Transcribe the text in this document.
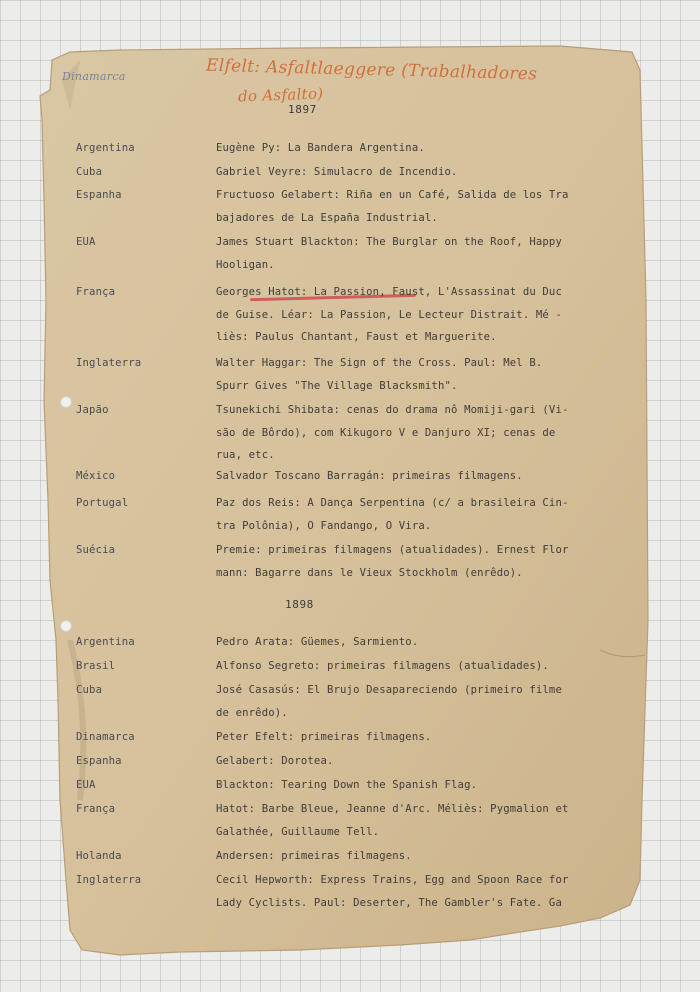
Dinamarca	Elfelt: Asfaltlaeggere (Trabalhadores
do Asfalto)
1897
Argentina	Eugène Py: La Bandera Argentina.
Cuba	Gabriel Veyre: Simulacro de Incendio.
Espanha	Fructuoso Gelabert: Riña en un Café, Salida de los Tra
bajadores de La España Industrial.
EUA	James Stuart Blackton: The Burglar on the Roof, Happy
Hooligan.
França	Georges Hatot: La Passion, Faust, L'Assassinat du Duc
de Guise. Léar: La Passion, Le Lecteur Distrait. Mé -
liès: Paulus Chantant, Faust et Marguerite.
Inglaterra	Walter Haggar: The Sign of the Cross. Paul: Mel B.
Spurr Gives "The Village Blacksmith".
Japão	Tsunekichi Shibata: cenas do drama nô Momiji-gari (Vi-
são de Bôrdo), com Kikugoro V e Danjuro XI; cenas de
rua, etc.
México	Salvador Toscano Barragán: primeiras filmagens.
Portugal	Paz dos Reis: A Dança Serpentina (c/ a brasileira Cin-
tra Polônia), O Fandango, O Vira.
Suécia	Premie: primeiras filmagens (atualidades). Ernest Flor
mann: Bagarre dans le Vieux Stockholm (enrêdo).
1898
Argentina	Pedro Arata: Güemes, Sarmiento.
Brasil	Alfonso Segreto: primeiras filmagens (atualidades).
Cuba	José Casasús: El Brujo Desapareciendo (primeiro filme
de enrêdo).
Dinamarca	Peter Efelt: primeiras filmagens.
Espanha	Gelabert: Dorotea.
EUA	Blackton: Tearing Down the Spanish Flag.
França	Hatot: Barbe Bleue, Jeanne d'Arc. Méliès: Pygmalion et
Galathée, Guillaume Tell.
Holanda	Andersen: primeiras filmagens.
Inglaterra	Cecil Hepworth: Express Trains, Egg and Spoon Race for
Lady Cyclists. Paul: Deserter, The Gambler's Fate. Ga
